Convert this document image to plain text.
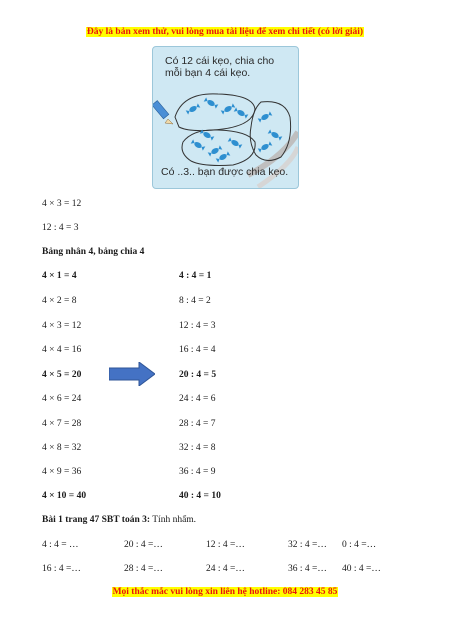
Đây là bản xem thử, vui lòng mua tài liệu để xem chi tiết (có lời giải)
Có 12 cái kẹo, chia cho
mỗi bạn 4 cái kẹo.
Có ..3.. bạn được chia kẹo.
4 × 3 = 12
12 : 4 = 3
Bảng nhân 4, bảng chia 4
4 × 1 = 4	4 : 4 = 1
4 × 2 = 8	8 : 4 = 2
4 × 3 = 12	12 : 4 = 3
4 × 4 = 16	16 : 4 = 4
4 × 5 = 20	20 : 4 = 5
4 × 6 = 24	24 : 4 = 6
4 × 7 = 28	28 : 4 = 7
4 × 8 = 32	32 : 4 = 8
4 × 9 = 36	36 : 4 = 9
4 × 10 = 40	40 : 4 = 10
Bài 1 trang 47 SBT toán 3: Tính nhẩm.
4 : 4 = …	20 : 4 =…	12 : 4 =…	32 : 4 =… 0 : 4 =…
16 : 4 =…	28 : 4 =…	24 : 4 =…	36 : 4 =… 40 : 4 =…
Mọi thắc mắc vui lòng xin liên hệ hotline: 084 283 45 85
